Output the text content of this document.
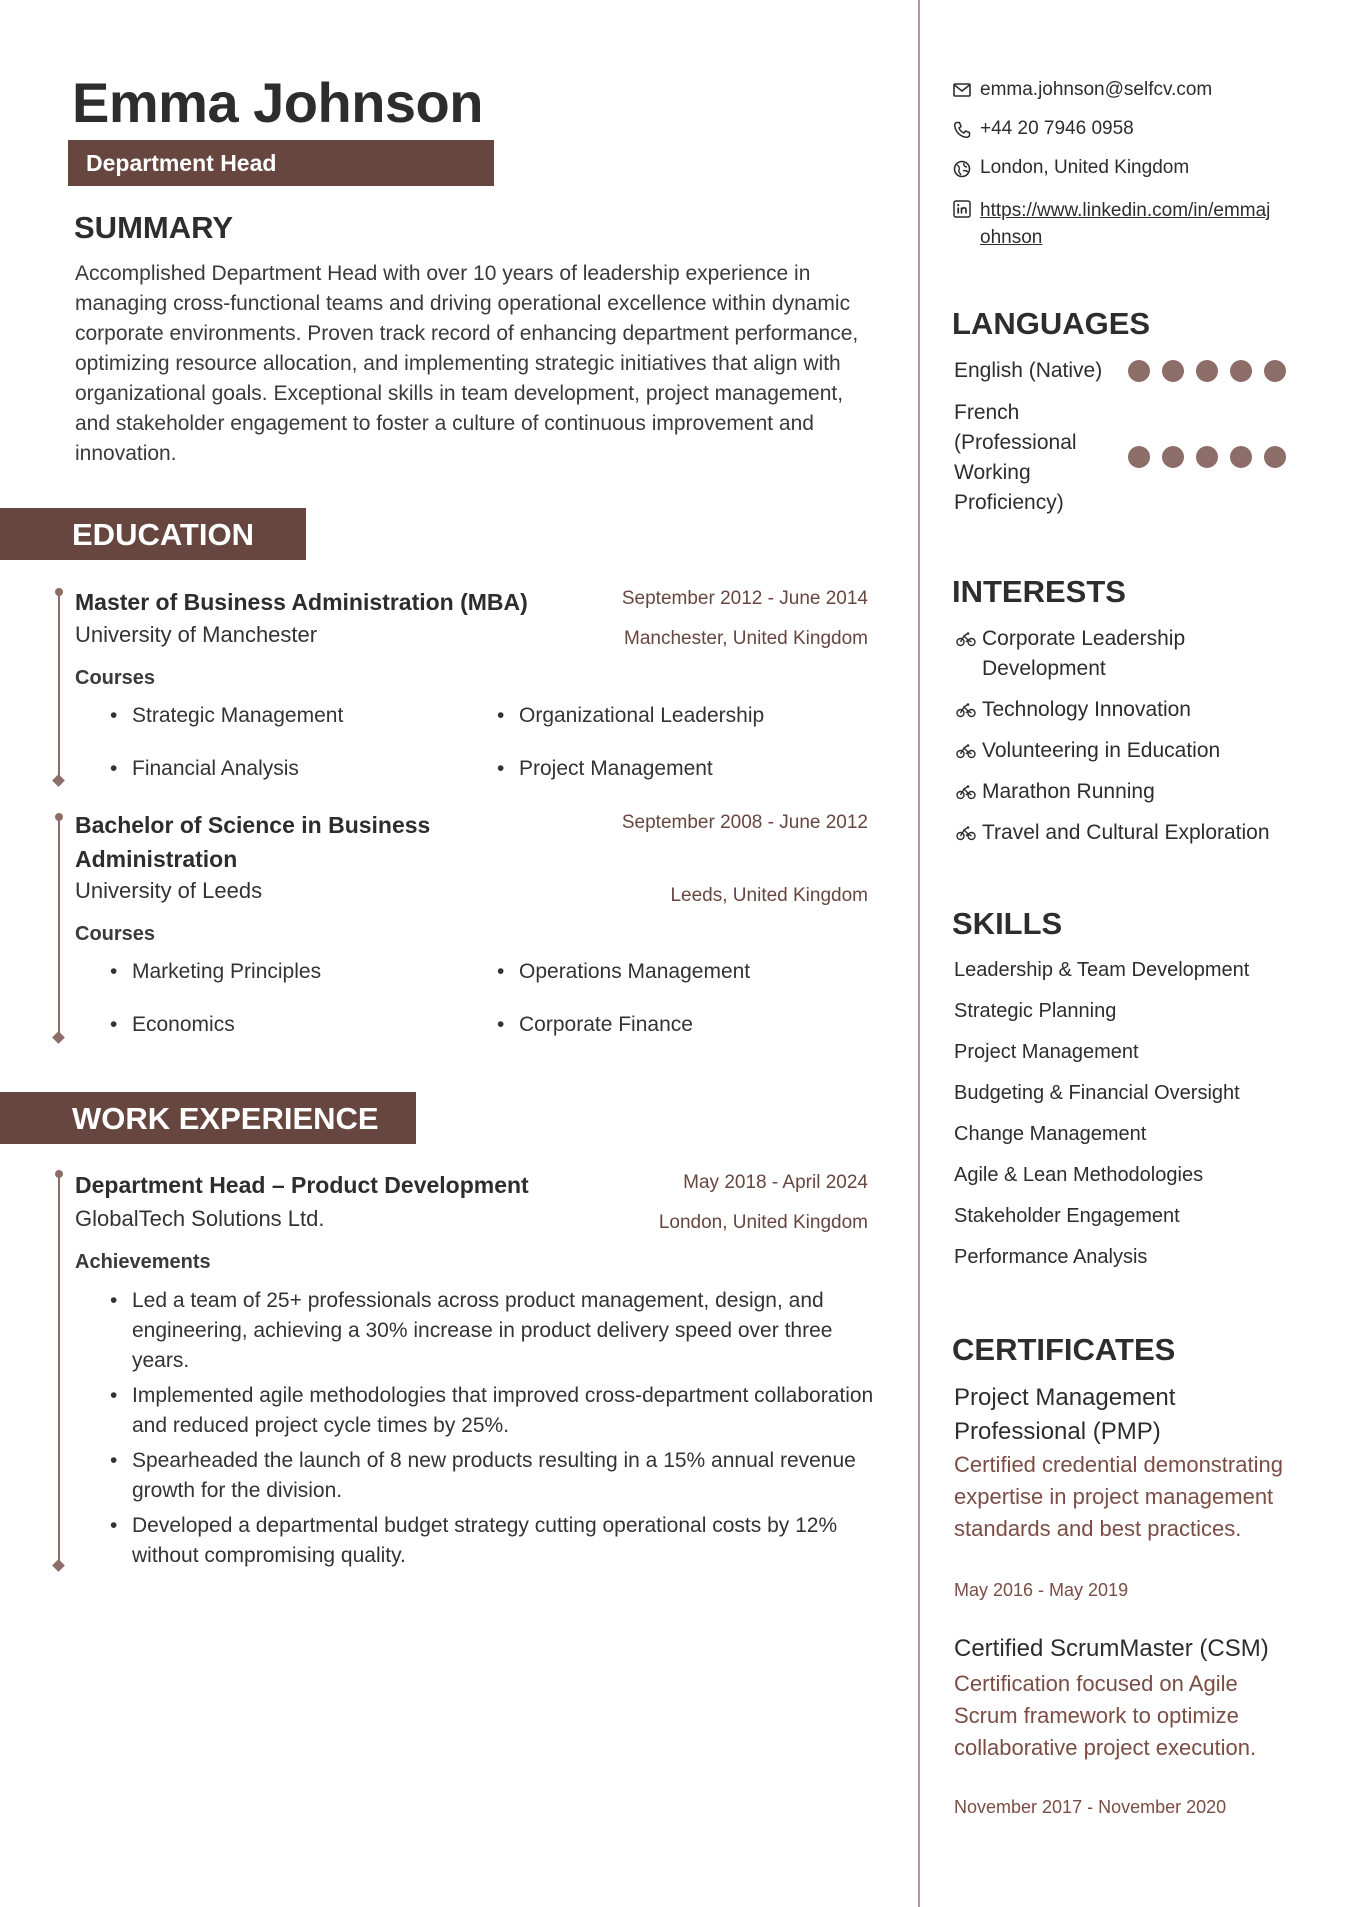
Emma Johnson
Department Head
SUMMARY
Accomplished Department Head with over 10 years of leadership experience in managing cross-functional teams and driving operational excellence within dynamic corporate environments. Proven track record of enhancing department performance, optimizing resource allocation, and implementing strategic initiatives that align with organizational goals. Exceptional skills in team development, project management, and stakeholder engagement to foster a culture of continuous improvement and innovation.
EDUCATION
Master of Business Administration (MBA)	September 2012 - June 2014
University of Manchester	Manchester, United Kingdom
Courses
• Strategic Management	• Organizational Leadership
• Financial Analysis	• Project Management
Bachelor of Science in Business Administration
September 2008 - June 2012
University of Leeds	Leeds, United Kingdom
Courses
• Marketing Principles	• Operations Management
• Economics	• Corporate Finance
WORK EXPERIENCE
Department Head – Product Development	May 2018 - April 2024
GlobalTech Solutions Ltd.	London, United Kingdom
Achievements
• Led a team of 25+ professionals across product management, design, and engineering, achieving a 30% increase in product delivery speed over three years.
• Implemented agile methodologies that improved cross-department collaboration and reduced project cycle times by 25%.
• Spearheaded the launch of 8 new products resulting in a 15% annual revenue growth for the division.
• Developed a departmental budget strategy cutting operational costs by 12% without compromising quality.
emma.johnson@selfcv.com
+44 20 7946 0958
London, United Kingdom
https://www.linkedin.com/in/emmaj
ohnson
LANGUAGES
English (Native)
French (Professional Working Proficiency)
INTERESTS
Corporate Leadership Development
Technology Innovation
Volunteering in Education
Marathon Running
Travel and Cultural Exploration
SKILLS
Leadership & Team Development
Strategic Planning
Project Management
Budgeting & Financial Oversight
Change Management
Agile & Lean Methodologies
Stakeholder Engagement
Performance Analysis
CERTIFICATES
Project Management Professional (PMP)
Certified credential demonstrating expertise in project management standards and best practices.
May 2016 - May 2019
Certified ScrumMaster (CSM)
Certification focused on Agile Scrum framework to optimize collaborative project execution.
November 2017 - November 2020
